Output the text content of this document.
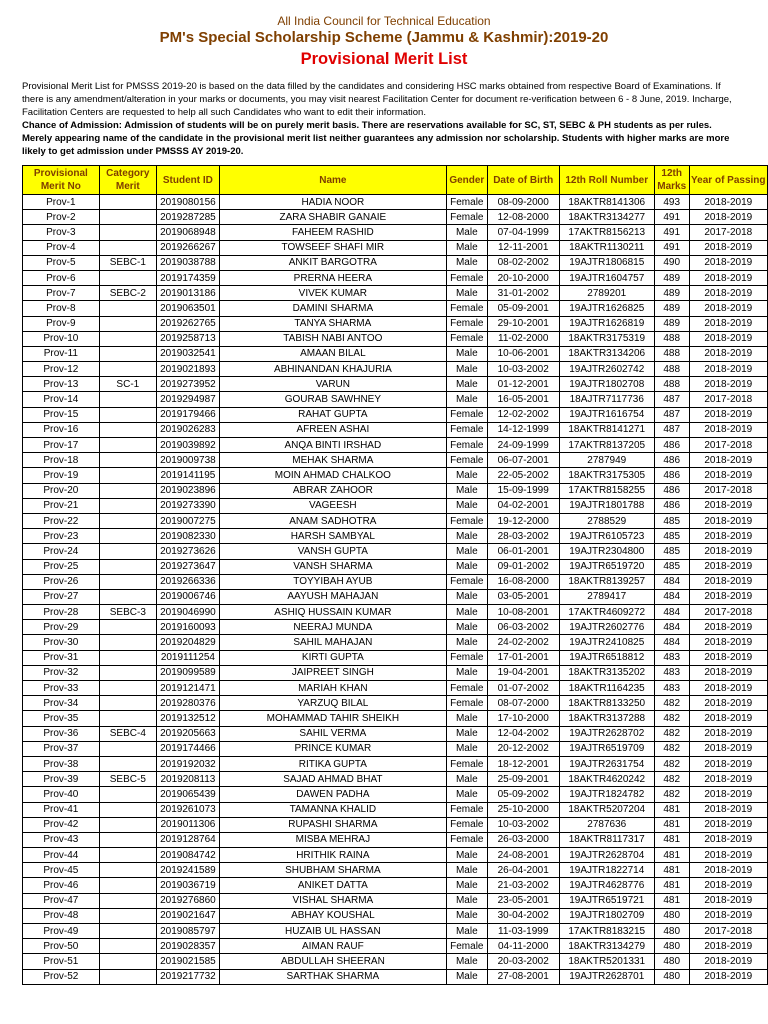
All India Council for Technical Education
PM's Special Scholarship Scheme (Jammu & Kashmir):2019-20
Provisional Merit List

Provisional Merit List for PMSSS 2019-20 is based on the data filled by the candidates and considering HSC marks obtained from respective Board of Examinations. If there is any amendment/alteration in your marks or documents, you may visit nearest Facilitation Center for document re-verification between 6 - 8 June, 2019. Incharge, Facilitation Centers are requested to help all such Candidates who want to edit their information.

Chance of Admission: Admission of students will be on purely merit basis. There are reservations available for SC, ST, SEBC & PH students as per rules. Merely appearing name of the candidate in the provisional merit list neither guarantees any admission nor scholarship. Students with higher marks are more likely to get admission under PMSSS AY 2019-20.

Provisional Merit No	Category Merit	Student ID	Name	Gender	Date of Birth	12th Roll Number	12th Marks	Year of Passing
Prov-1		2019080156	HADIA NOOR	Female	08-09-2000	18AKTR8141306	493	2018-2019
Prov-2		2019287285	ZARA SHABIR GANAIE	Female	12-08-2000	18AKTR3134277	491	2018-2019
Prov-3		2019068948	FAHEEM RASHID	Male	07-04-1999	17AKTR8156213	491	2017-2018
Prov-4		2019266267	TOWSEEF SHAFI MIR	Male	12-11-2001	18AKTR1130211	491	2018-2019
Prov-5	SEBC-1	2019038788	ANKIT BARGOTRA	Male	08-02-2002	19AJTR1806815	490	2018-2019
Prov-6		2019174359	PRERNA HEERA	Female	20-10-2000	19AJTR1604757	489	2018-2019
Prov-7	SEBC-2	2019013186	VIVEK KUMAR	Male	31-01-2002	2789201	489	2018-2019
Prov-8		2019063501	DAMINI SHARMA	Female	05-09-2001	19AJTR1626825	489	2018-2019
Prov-9		2019262765	TANYA SHARMA	Female	29-10-2001	19AJTR1626819	489	2018-2019
Prov-10		2019258713	TABISH NABI ANTOO	Female	11-02-2000	18AKTR3175319	488	2018-2019
Prov-11		2019032541	AMAAN BILAL	Male	10-06-2001	18AKTR3134206	488	2018-2019
Prov-12		2019021893	ABHINANDAN KHAJURIA	Male	10-03-2002	19AJTR2602742	488	2018-2019
Prov-13	SC-1	2019273952	VARUN	Male	01-12-2001	19AJTR1802708	488	2018-2019
Prov-14		2019294987	GOURAB SAWHNEY	Male	16-05-2001	18AJTR7117736	487	2017-2018
Prov-15		2019179466	RAHAT GUPTA	Female	12-02-2002	19AJTR1616754	487	2018-2019
Prov-16		2019026283	AFREEN ASHAI	Female	14-12-1999	18AKTR8141271	487	2018-2019
Prov-17		2019039892	ANQA BINTI IRSHAD	Female	24-09-1999	17AKTR8137205	486	2017-2018
Prov-18		2019009738	MEHAK SHARMA	Female	06-07-2001	2787949	486	2018-2019
Prov-19		2019141195	MOIN AHMAD CHALKOO	Male	22-05-2002	18AKTR3175305	486	2018-2019
Prov-20		2019023896	ABRAR ZAHOOR	Male	15-09-1999	17AKTR8158255	486	2017-2018
Prov-21		2019273390	VAGEESH	Male	04-02-2001	19AJTR1801788	486	2018-2019
Prov-22		2019007275	ANAM SADHOTRA	Female	19-12-2000	2788529	485	2018-2019
Prov-23		2019082330	HARSH SAMBYAL	Male	28-03-2002	19AJTR6105723	485	2018-2019
Prov-24		2019273626	VANSH GUPTA	Male	06-01-2001	19AJTR2304800	485	2018-2019
Prov-25		2019273647	VANSH SHARMA	Male	09-01-2002	19AJTR6519720	485	2018-2019
Prov-26		2019266336	TOYYIBAH AYUB	Female	16-08-2000	18AKTR8139257	484	2018-2019
Prov-27		2019006746	AAYUSH MAHAJAN	Male	03-05-2001	2789417	484	2018-2019
Prov-28	SEBC-3	2019046990	ASHIQ HUSSAIN KUMAR	Male	10-08-2001	17AKTR4609272	484	2017-2018
Prov-29		2019160093	NEERAJ MUNDA	Male	06-03-2002	19AJTR2602776	484	2018-2019
Prov-30		2019204829	SAHIL MAHAJAN	Male	24-02-2002	19AJTR2410825	484	2018-2019
Prov-31		2019111254	KIRTI GUPTA	Female	17-01-2001	19AJTR6518812	483	2018-2019
Prov-32		2019099589	JAIPREET SINGH	Male	19-04-2001	18AKTR3135202	483	2018-2019
Prov-33		2019121471	MARIAH KHAN	Female	01-07-2002	18AKTR1164235	483	2018-2019
Prov-34		2019280376	YARZUQ BILAL	Female	08-07-2000	18AKTR8133250	482	2018-2019
Prov-35		2019132512	MOHAMMAD TAHIR SHEIKH	Male	17-10-2000	18AKTR3137288	482	2018-2019
Prov-36	SEBC-4	2019205663	SAHIL VERMA	Male	12-04-2002	19AJTR2628702	482	2018-2019
Prov-37		2019174466	PRINCE KUMAR	Male	20-12-2002	19AJTR6519709	482	2018-2019
Prov-38		2019192032	RITIKA GUPTA	Female	18-12-2001	19AJTR2631754	482	2018-2019
Prov-39	SEBC-5	2019208113	SAJAD AHMAD BHAT	Male	25-09-2001	18AKTR4620242	482	2018-2019
Prov-40		2019065439	DAWEN PADHA	Male	05-09-2002	19AJTR1824782	482	2018-2019
Prov-41		2019261073	TAMANNA KHALID	Female	25-10-2000	18AKTR5207204	481	2018-2019
Prov-42		2019011306	RUPASHI SHARMA	Female	10-03-2002	2787636	481	2018-2019
Prov-43		2019128764	MISBA MEHRAJ	Female	26-03-2000	18AKTR8117317	481	2018-2019
Prov-44		2019084742	HRITHIK RAINA	Male	24-08-2001	19AJTR2628704	481	2018-2019
Prov-45		2019241589	SHUBHAM SHARMA	Male	26-04-2001	19AJTR1822714	481	2018-2019
Prov-46		2019036719	ANIKET DATTA	Male	21-03-2002	19AJTR4628776	481	2018-2019
Prov-47		2019276860	VISHAL SHARMA	Male	23-05-2001	19AJTR6519721	481	2018-2019
Prov-48		2019021647	ABHAY KOUSHAL	Male	30-04-2002	19AJTR1802709	480	2018-2019
Prov-49		2019085797	HUZAIB UL HASSAN	Male	11-03-1999	17AKTR8183215	480	2017-2018
Prov-50		2019028357	AIMAN RAUF	Female	04-11-2000	18AKTR3134279	480	2018-2019
Prov-51		2019021585	ABDULLAH SHEERAN	Male	20-03-2002	18AKTR5201331	480	2018-2019
Prov-52		2019217732	SARTHAK SHARMA	Male	27-08-2001	19AJTR2628701	480	2018-2019
